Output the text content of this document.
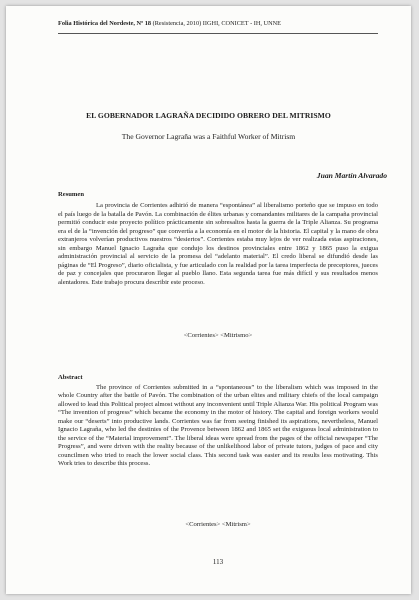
Folia Histórica del Nordeste, Nº 18 (Resistencia, 2010) IIGHI, CONICET - IH, UNNE
EL GOBERNADOR LAGRAÑA DECIDIDO OBRERO DEL MITRISMO
The Governor Lagraña was a Faithful Worker of Mitrism
Juan Martín Alvarado
Resumen
La provincia de Corrientes adhirió de manera “espontánea” al liberalismo porteño que se impuso en todo el país luego de la batalla de Pavón. La combinación de élites urbanas y comandantes militares de la campaña provincial permitió conducir este proyecto político prácticamente sin sobresaltos hasta la guerra de la Triple Alianza. Su programa era el de la “invención del progreso” que convertía a la economía en el motor de la historia. El capital y la mano de obra extranjeros volverían productivos nuestros “desiertos”. Corrientes estaba muy lejos de ver realizada estas aspiraciones, sin embargo Manuel Ignacio Lagraña que condujo los destinos provinciales entre 1862 y 1865 puso la exigua administración provincial al servicio de la promesa del “adelanto material”. El credo liberal se difundió desde las páginas de “El Progreso”, diario oficialista, y fue articulado con la realidad por la tarea imperfecta de preceptores, jueces de paz y concejales que procuraron llegar al pueblo llano. Esta segunda tarea fue más difícil y sus resultados menos alentadores. Este trabajo procura describir este proceso.
<Corrientes> <Mitrismo>
Abstract
The province of Corrientes submitted in a “spontaneous” to the liberalism which was imposed in the whole Country after the battle of Pavón. The combination of the urban elites and military chiefs of the local campaign allowed to lead this Political project almost without any inconvenient until Triple Alianza War. His political Program was “The invention of progress” which became the economy in the motor of history. The capital and foreign workers would make our “deserts” into productive lands. Corrientes was far from seeing finished its aspirations, nevertheless, Manuel Ignacio Lagraña, who led the destinies of the Provence between 1862 and 1865 set the exiguous local administration to the service of the “Material improvement”. The liberal ideas were spread from the pages of the official newspaper “The Progress”, and were driven with the reality because of the unlikelihood labor of private tutors, judges of pace and city councilmen who tried to reach the lower social class. This second task was easier and its results less motivating. This Work tries to describe this process.
<Corrientes> <Mitrism>
113
